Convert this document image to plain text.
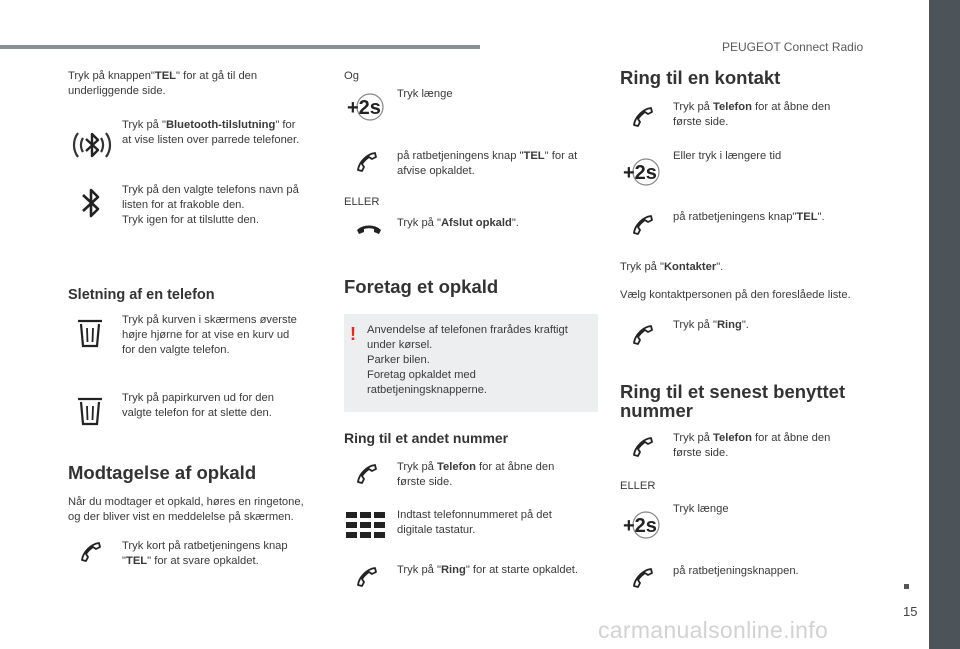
PEUGEOT Connect Radio
15
Tryk på knappen"TEL" for at gå til den
underliggende side.
Tryk på "Bluetooth-tilslutning" for
at vise listen over parrede telefoner.
Tryk på den valgte telefons navn på
listen for at frakoble den.
Tryk igen for at tilslutte den.
Sletning af en telefon
Tryk på kurven i skærmens øverste
højre hjørne for at vise en kurv ud
for den valgte telefon.
Tryk på papirkurven ud for den
valgte telefon for at slette den.
Modtagelse af opkald
Når du modtager et opkald, høres en ringetone,
og der bliver vist en meddelelse på skærmen.
Tryk kort på ratbetjeningens knap
"TEL" for at svare opkaldet.
Og
+2s
Tryk længe
på ratbetjeningens knap "TEL" for at
afvise opkaldet.
ELLER
Tryk på "Afslut opkald".
Foretag et opkald
! Anvendelse af telefonen frarådes kraftigt
under kørsel.
Parker bilen.
Foretag opkaldet med
ratbetjeningsknapperne.
Ring til et andet nummer
Tryk på Telefon for at åbne den
første side.
Indtast telefonnummeret på det
digitale tastatur.
Tryk på "Ring" for at starte opkaldet.
Ring til en kontakt
Tryk på Telefon for at åbne den
første side.
+2s
Eller tryk i længere tid
på ratbetjeningens knap"TEL".
Tryk på "Kontakter".
Vælg kontaktpersonen på den foreslåede liste.
Tryk på "Ring".
Ring til et senest benyttet
nummer
Tryk på Telefon for at åbne den
første side.
ELLER
+2s
Tryk længe
på ratbetjeningsknappen.
carmanualsonline.info
